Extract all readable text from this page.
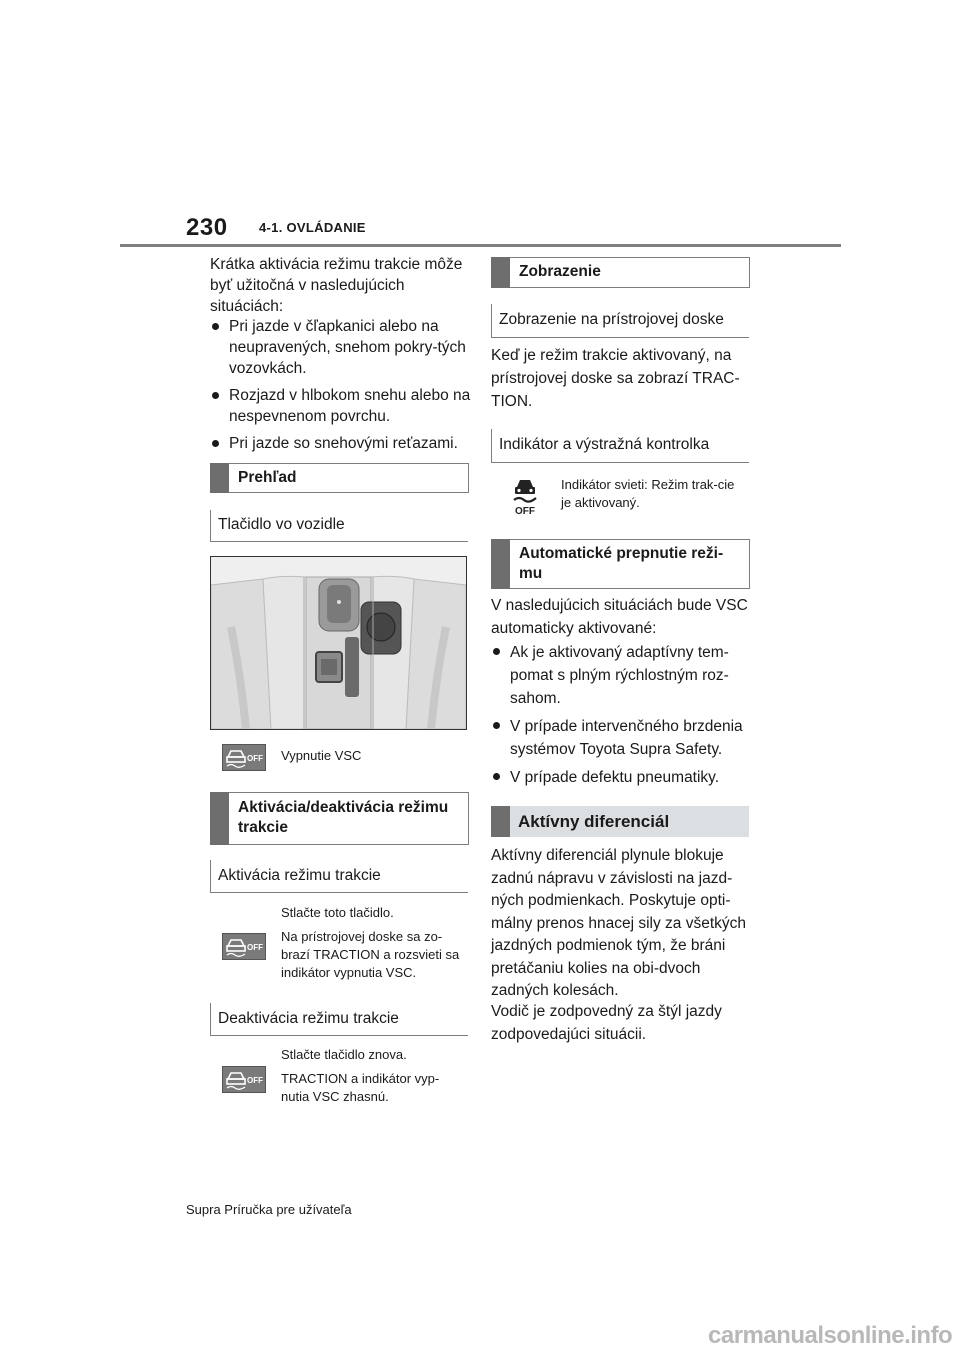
230 4-1. OVLÁDANIE
Krátka aktivácia režimu trakcie môže byť užitočná v nasledujúcich situáciách:
Pri jazde v čľapkanici alebo na neupravených, snehom pokry-tých vozovkách.
Rozjazd v hlbokom snehu alebo na nespevnenom povrchu.
Pri jazde so snehovými reťazami.
Prehľad
Tlačidlo vo vozidle
OFF Vypnutie VSC
Aktivácia/deaktivácia režimu trakcie
Aktivácia režimu trakcie
Stlačte toto tlačidlo.
OFF
Na prístrojovej doske sa zo-brazí TRACTION a rozsvieti sa indikátor vypnutia VSC.
Deaktivácia režimu trakcie
Stlačte tlačidlo znova.
OFF TRACTION a indikátor vyp-nutia VSC zhasnú.
Zobrazenie
Zobrazenie na prístrojovej doske
Keď je režim trakcie aktivovaný, na prístrojovej doske sa zobrazí TRAC-TION.
Indikátor a výstražná kontrolka
OFF
Indikátor svieti: Režim trak-cie je aktivovaný.
Automatické prepnutie reži-mu
V nasledujúcich situáciách bude VSC automaticky aktivované:
Ak je aktivovaný adaptívny tem-pomat s plným rýchlostným roz-sahom.
V prípade intervenčného brzdenia systémov Toyota Supra Safety.
V prípade defektu pneumatiky.
Aktívny diferenciál
Aktívny diferenciál plynule blokuje zadnú nápravu v závislosti na jazd-ných podmienkach. Poskytuje opti-málny prenos hnacej sily za všetkých jazdných podmienok tým, že bráni pretáčaniu kolies na obi-dvoch zadných kolesách.
Vodič je zodpovedný za štýl jazdy zodpovedajúci situácii.
Supra Príručka pre užívateľa
carmanualsonline.info
